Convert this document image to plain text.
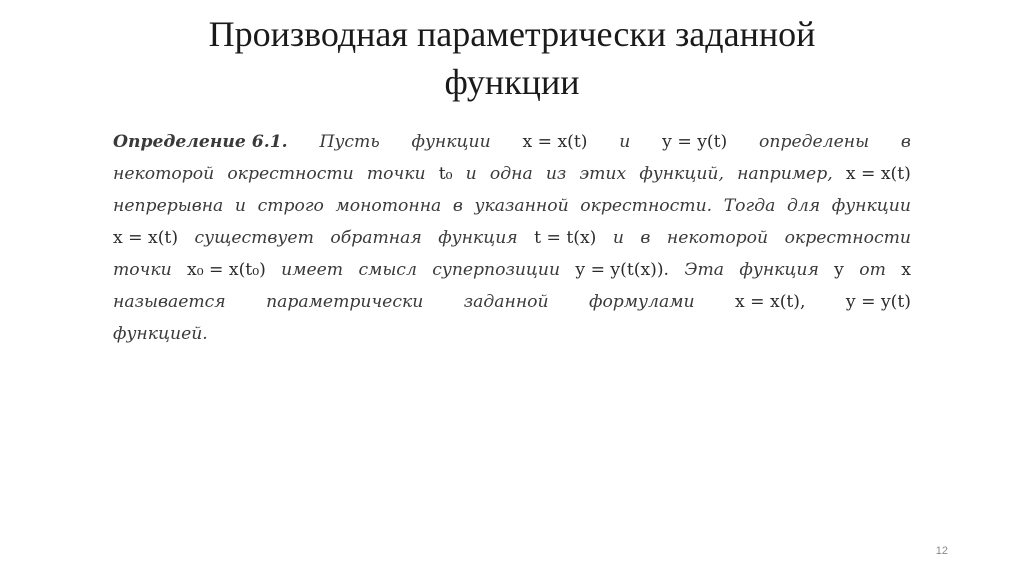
Производная параметрически заданной
функции
Определение 6.1. Пусть функции x = x(t) и y = y(t) определены в
некоторой окрестности точки t₀ и одна из этих функций, например, x = x(t)
непрерывна и строго монотонна в указанной окрестности. Тогда для функции
x = x(t) существует обратная функция t = t(x) и в некоторой окрестности
точки x₀ = x(t₀) имеет смысл суперпозиции y = y(t(x)). Эта функция y от x
называется параметрически заданной формулами x = x(t), y = y(t)
функцией.
12
